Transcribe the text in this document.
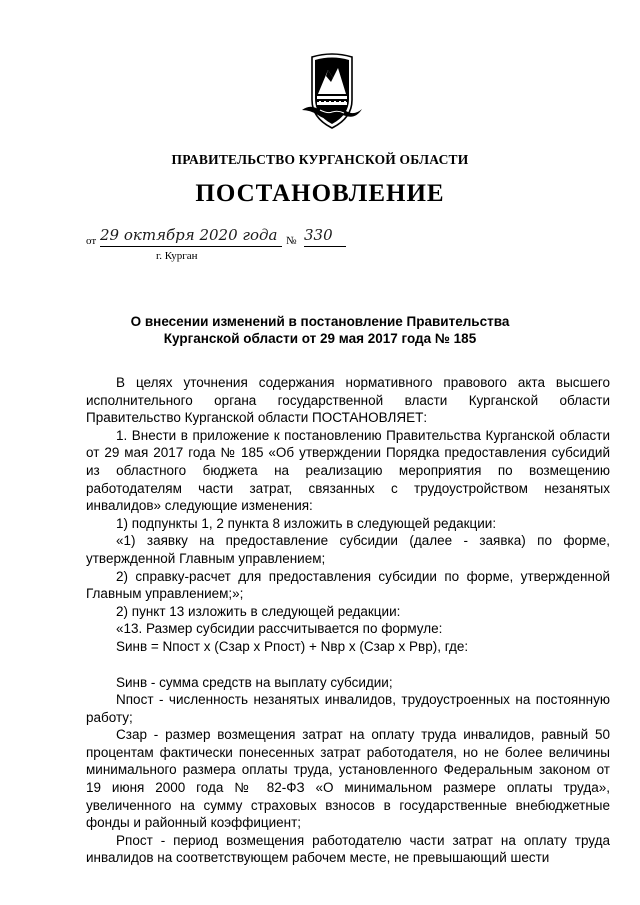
ПРАВИТЕЛЬСТВО КУРГАНСКОЙ ОБЛАСТИ
ПОСТАНОВЛЕНИЕ
от 29 октября 2020 года № 330
г. Курган
О внесении изменений в постановление Правительства
Курганской области от 29 мая 2017 года № 185

В целях уточнения содержания нормативного правового акта высшего исполнительного органа государственной власти Курганской области Правительство Курганской области ПОСТАНОВЛЯЕТ:

1. Внести в приложение к постановлению Правительства Курганской области от 29 мая 2017 года № 185 «Об утверждении Порядка предоставления субсидий из областного бюджета на реализацию мероприятия по возмещению работодателям части затрат, связанных с трудоустройством незанятых инвалидов» следующие изменения:

1) подпункты 1, 2 пункта 8 изложить в следующей редакции:

«1) заявку на предоставление субсидии (далее - заявка) по форме, утвержденной Главным управлением;

2) справку-расчет для предоставления субсидии по форме, утвержденной Главным управлением;»;

2) пункт 13 изложить в следующей редакции:

«13. Размер субсидии рассчитывается по формуле:

Sинв = Nпост х (Сзар х Рпост) + Nвр х (Сзар х Рвр), где:

Sинв - сумма средств на выплату субсидии;

Nпост - численность незанятых инвалидов, трудоустроенных на постоянную работу;

Сзар - размер возмещения затрат на оплату труда инвалидов, равный 50 процентам фактически понесенных затрат работодателя, но не более величины минимального размера оплаты труда, установленного Федеральным законом от 19 июня 2000 года № 82-ФЗ «О минимальном размере оплаты труда», увеличенного на сумму страховых взносов в государственные внебюджетные фонды и районный коэффициент;

Рпост - период возмещения работодателю части затрат на оплату труда инвалидов на соответствующем рабочем месте, не превышающий шести
